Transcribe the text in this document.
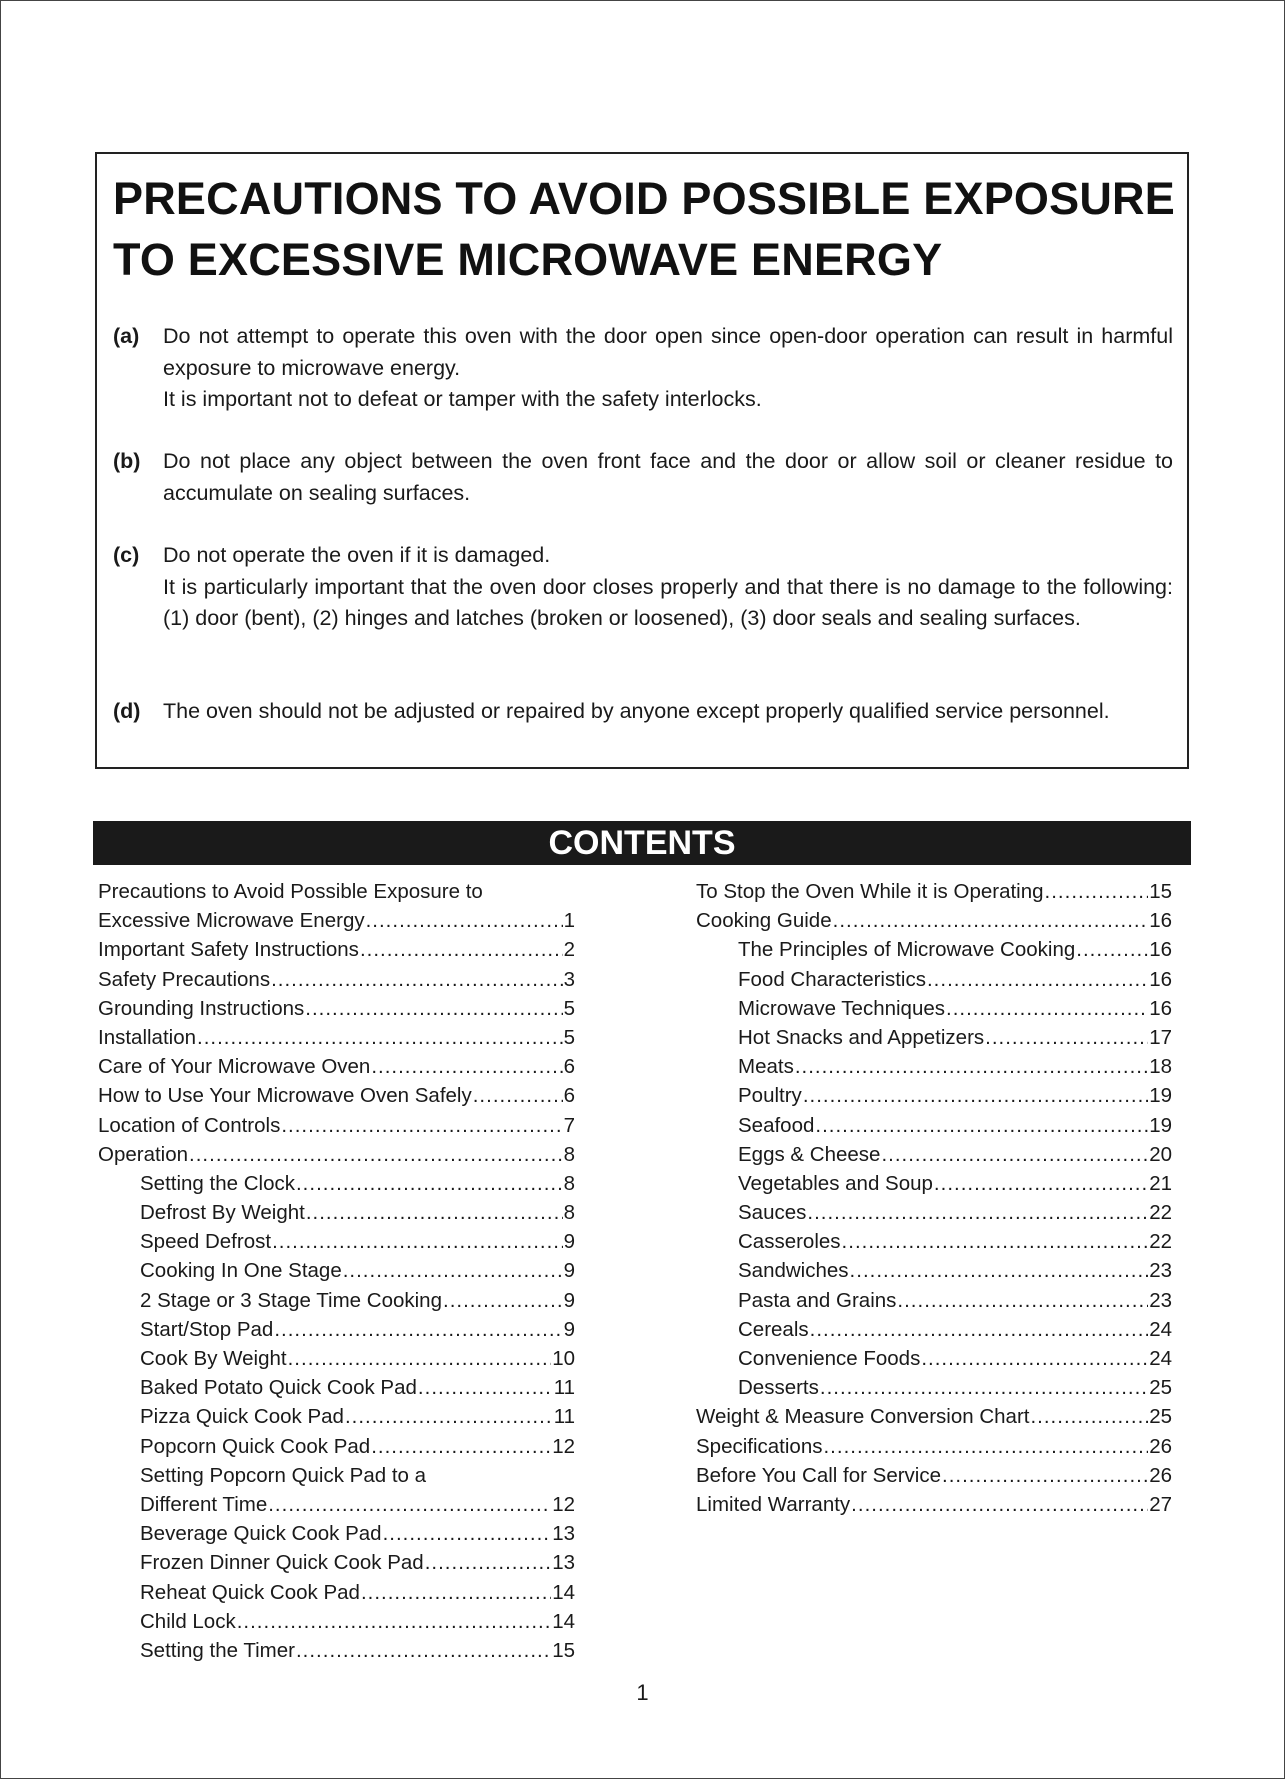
PRECAUTIONS TO AVOID POSSIBLE EXPOSURE
TO EXCESSIVE MICROWAVE ENERGY
(a) Do not attempt to operate this oven with the door open since open-door operation can result in harmful exposure to microwave energy.

It is important not to defeat or tamper with the safety interlocks.

(b) Do not place any object between the oven front face and the door or allow soil or cleaner residue to accumulate on sealing surfaces.

(c) Do not operate the oven if it is damaged.

It is particularly important that the oven door closes properly and that there is no damage to the following: (1) door (bent), (2) hinges and latches (broken or loosened), (3) door seals and sealing surfaces.

(d) The oven should not be adjusted or repaired by anyone except properly qualified service personnel.

CONTENTS
Precautions to Avoid Possible Exposure to
Excessive Microwave Energy .....	1
Important Safety Instructions .....	2
Safety Precautions .....	3
Grounding Instructions .....	5
Installation .....	5
Care of Your Microwave Oven .....	6
How to Use Your Microwave Oven Safely .....	6
Location of Controls .....	7
Operation .....	8
Setting the Clock .....	8
Defrost By Weight .....	8
Speed Defrost .....	9
Cooking In One Stage .....	9
2 Stage or 3 Stage Time Cooking .....	9
Start/Stop Pad .....	9
Cook By Weight .....	10
Baked Potato Quick Cook Pad .....	11
Pizza Quick Cook Pad .....	11
Popcorn Quick Cook Pad .....	12
Setting Popcorn Quick Pad to a
Different Time .....	12
Beverage Quick Cook Pad .....	13
Frozen Dinner Quick Cook Pad .....	13
Reheat Quick Cook Pad .....	14
Child Lock .....	14
Setting the Timer .....	15
To Stop the Oven While it is Operating .....	15
Cooking Guide .....	16
The Principles of Microwave Cooking .....	16
Food Characteristics .....	16
Microwave Techniques .....	16
Hot Snacks and Appetizers .....	17
Meats .....	18
Poultry .....	19
Seafood .....	19
Eggs & Cheese .....	20
Vegetables and Soup .....	21
Sauces .....	22
Casseroles .....	22
Sandwiches .....	23
Pasta and Grains .....	23
Cereals .....	24
Convenience Foods .....	24
Desserts .....	25
Weight & Measure Conversion Chart .....	25
Specifications .....	26
Before You Call for Service .....	26
Limited Warranty .....	27
1
